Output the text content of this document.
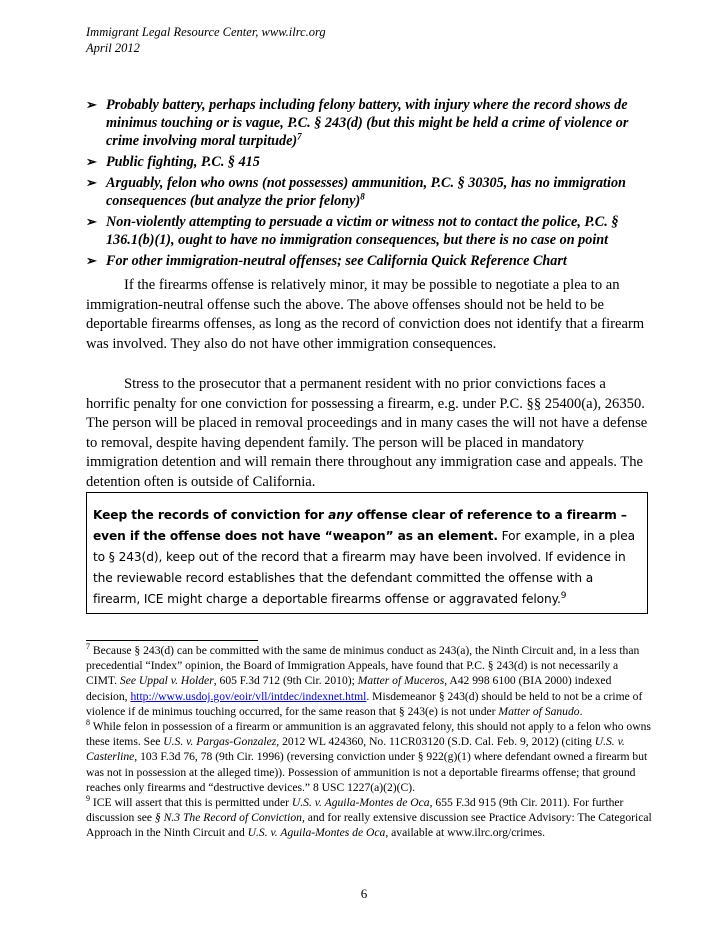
Immigrant Legal Resource Center, www.ilrc.org
April 2012
➢ Probably battery, perhaps including felony battery, with injury where the record shows de minimus touching or is vague, P.C. § 243(d) (but this might be held a crime of violence or crime involving moral turpitude)$^7$
➢ Public fighting, P.C. § 415
➢ Arguably, felon who owns (not possesses) ammunition, P.C. § 30305, has no immigration consequences (but analyze the prior felony)$^8$
➢ Non-violently attempting to persuade a victim or witness not to contact the police, P.C. § 136.1(b)(1), ought to have no immigration consequences, but there is no case on point
➢ For other immigration-neutral offenses; see California Quick Reference Chart
If the firearms offense is relatively minor, it may be possible to negotiate a plea to an immigration-neutral offense such the above. The above offenses should not be held to be deportable firearms offenses, as long as the record of conviction does not identify that a firearm was involved. They also do not have other immigration consequences.
Stress to the prosecutor that a permanent resident with no prior convictions faces a horrific penalty for one conviction for possessing a firearm, e.g. under P.C. §§ 25400(a), 26350. The person will be placed in removal proceedings and in many cases the will not have a defense to removal, despite having dependent family. The person will be placed in mandatory immigration detention and will remain there throughout any immigration case and appeals. The detention often is outside of California.
Keep the records of conviction for any offense clear of reference to a firearm – even if the offense does not have “weapon” as an element. For example, in a plea to § 243(d), keep out of the record that a firearm may have been involved. If evidence in the reviewable record establishes that the defendant committed the offense with a firearm, ICE might charge a deportable firearms offense or aggravated felony.$^9$

$^7$ Because § 243(d) can be committed with the same de minimus conduct as 243(a), the Ninth Circuit and, in a less than precedential “Index” opinion, the Board of Immigration Appeals, have found that P.C. § 243(d) is not necessarily a CIMT. See Uppal v. Holder, 605 F.3d 712 (9th Cir. 2010); Matter of Muceros, A42 998 6100 (BIA 2000) indexed decision, http://www.usdoj.gov/eoir/vll/intdec/indexnet.html. Misdemeanor § 243(d) should be held to not be a crime of violence if de minimus touching occurred, for the same reason that § 243(e) is not under Matter of Sanudo.

$^8$ While felon in possession of a firearm or ammunition is an aggravated felony, this should not apply to a felon who owns these items. See U.S. v. Pargas-Gonzalez, 2012 WL 424360, No. 11CR03120 (S.D. Cal. Feb. 9, 2012) (citing U.S. v. Casterline, 103 F.3d 76, 78 (9th Cir. 1996) (reversing conviction under § 922(g)(1) where defendant owned a firearm but was not in possession at the alleged time)). Possession of ammunition is not a deportable firearms offense; that ground reaches only firearms and “destructive devices.” 8 USC 1227(a)(2)(C).

$^9$ ICE will assert that this is permitted under U.S. v. Aguila-Montes de Oca, 655 F.3d 915 (9th Cir. 2011). For further discussion see § N.3 The Record of Conviction, and for really extensive discussion see Practice Advisory: The Categorical Approach in the Ninth Circuit and U.S. v. Aguila-Montes de Oca, available at www.ilrc.org/crimes.

6
